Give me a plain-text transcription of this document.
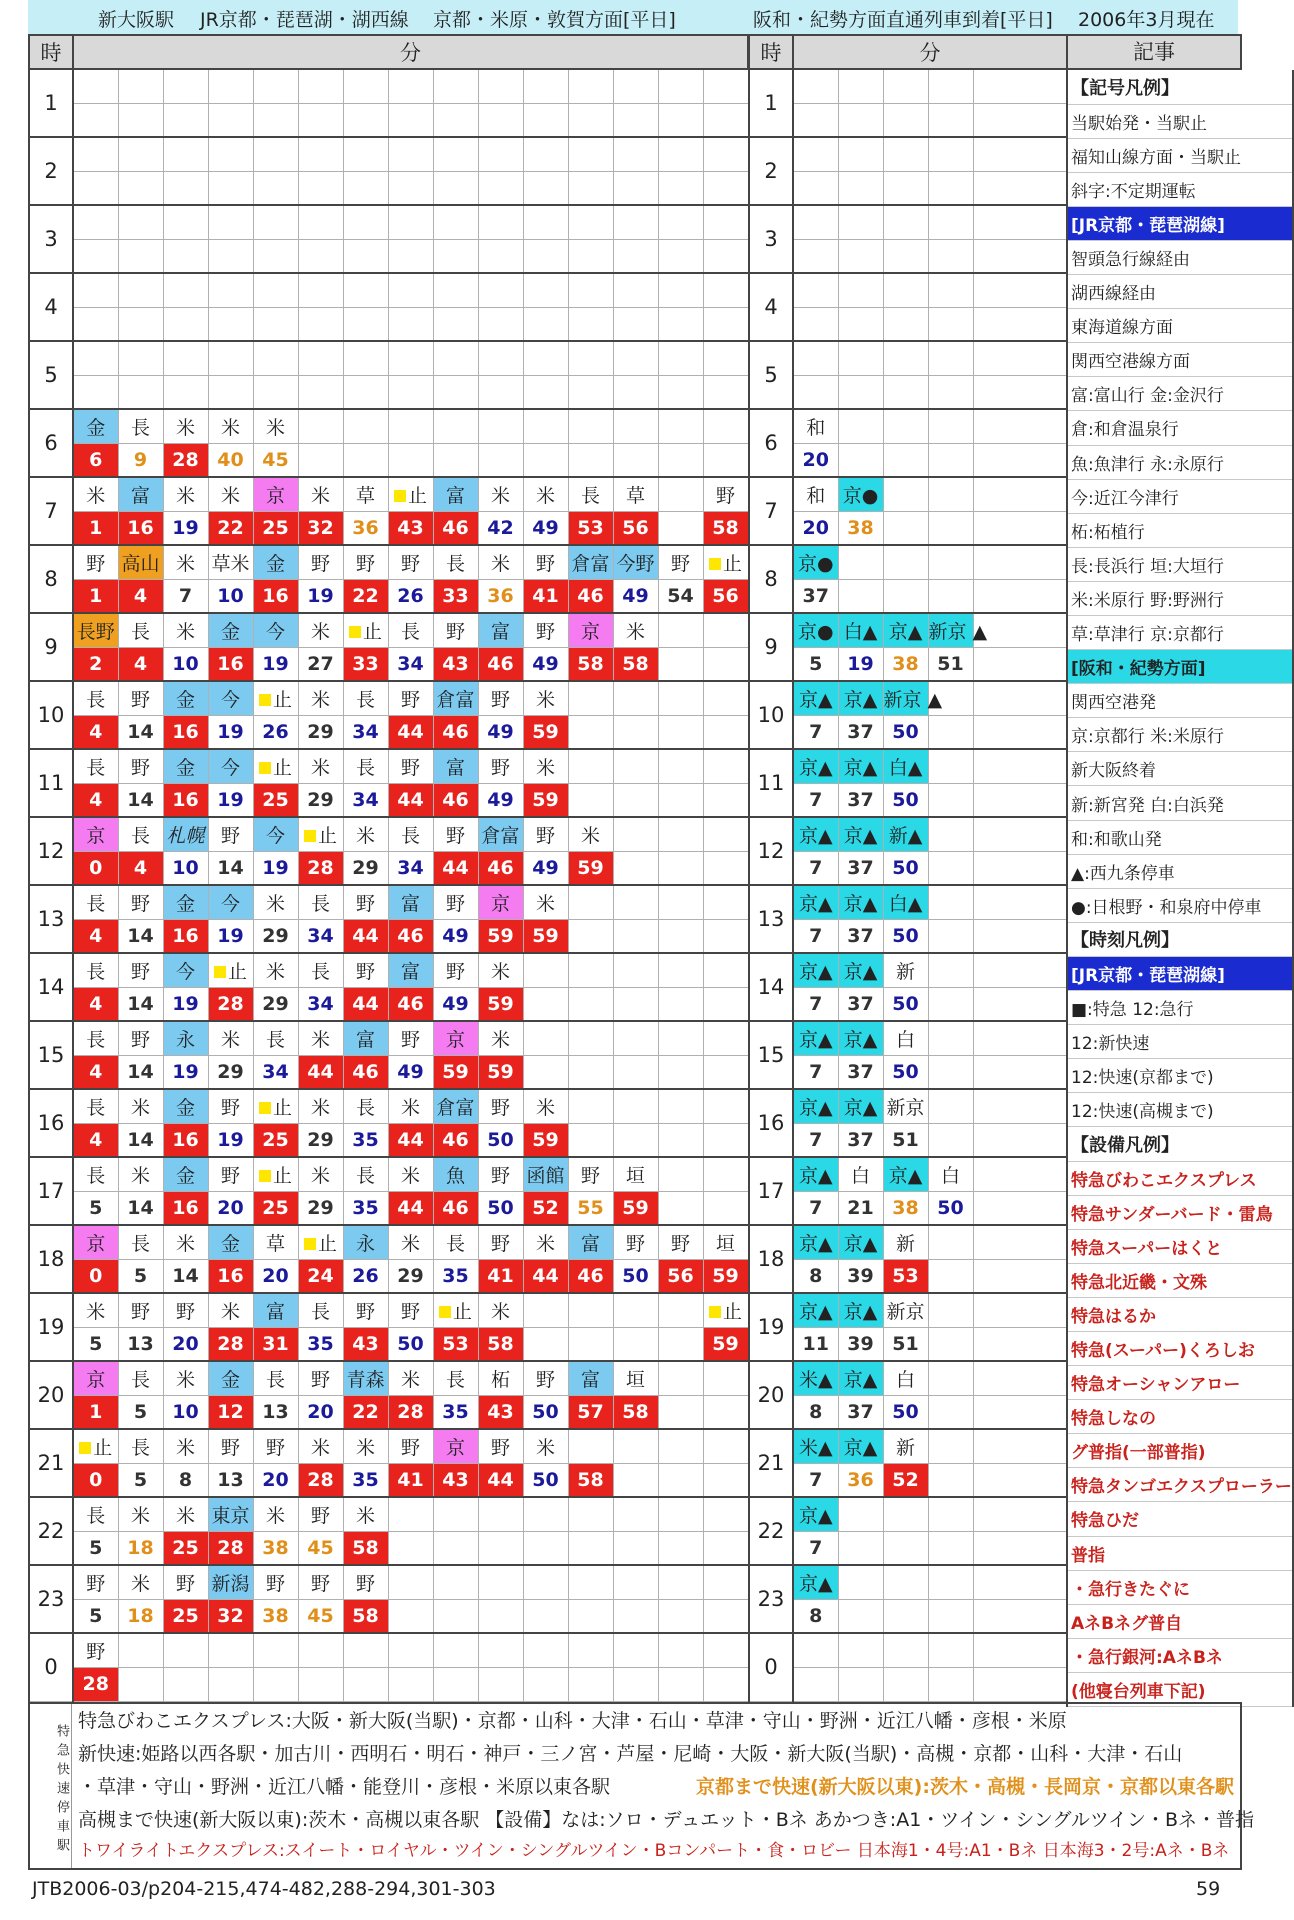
新大阪駅 JR京都・琵琶湖・湖西線 京都・米原・敦賀方面[平日]	阪和・紀勢方面直通列車到着[平日] 2006年3月現在
時	分														
1															

2															

3															

4															

5															

6	金	長	米	米	米										
	6	9	28	40	45										
7	米	富	米	米	京	米	草	止	富	米	米	長	草		野
	1	16	19	22	25	32	36	43	46	42	49	53	56		58
8	野	高山	米	草米	金	野	野	野	長	米	野	倉富	今野	野	止
	1	4	7	10	16	19	22	26	33	36	41	46	49	54	56
9	長野	長	米	金	今	米	止	長	野	富	野	京	米		
	2	4	10	16	19	27	33	34	43	46	49	58	58		
10	長	野	金	今	止	米	長	野	倉富	野	米				
	4	14	16	19	26	29	34	44	46	49	59				
11	長	野	金	今	止	米	長	野	富	野	米				
	4	14	16	19	25	29	34	44	46	49	59				
12	京	長	札幌	野	今	止	米	長	野	倉富	野	米			
	0	4	10	14	19	28	29	34	44	46	49	59			
13	長	野	金	今	米	長	野	富	野	京	米				
	4	14	16	19	29	34	44	46	49	59	59				
14	長	野	今	止	米	長	野	富	野	米					
	4	14	19	28	29	34	44	46	49	59					
15	長	野	永	米	長	米	富	野	京	米					
	4	14	19	29	34	44	46	49	59	59					
16	長	米	金	野	止	米	長	米	倉富	野	米				
	4	14	16	19	25	29	35	44	46	50	59				
17	長	米	金	野	止	米	長	米	魚	野	函館	野	垣		
	5	14	16	20	25	29	35	44	46	50	52	55	59		
18	京	長	米	金	草	止	永	米	長	野	米	富	野	野	垣
	0	5	14	16	20	24	26	29	35	41	44	46	50	56	59
19	米	野	野	米	富	長	野	野	止	米					止
	5	13	20	28	31	35	43	50	53	58					59
20	京	長	米	金	長	野	青森	米	長	柘	野	富	垣		
	1	5	10	12	13	20	22	28	35	43	50	57	58		
21	止	長	米	野	野	米	米	野	京	野	米				
	0	5	8	13	20	28	35	41	43	44	50	58			
22	長	米	米	東京	米	野	米								
	5	18	25	28	38	45	58								
23	野	米	野	新潟	野	野	野								
	5	18	25	32	38	45	58								
0	野														
	28														
時	分				
1					

2					

3					

4					

5					

6	和				
	20				
7	和	京●			
	20	38			
8	京●				
	37				
9	京●	白▲	京▲	新京 ▲	
	5	19	38	51	
10	京▲	京▲	新京 ▲		
	7	37	50		
11	京▲	京▲	白▲		
	7	37	50		
12	京▲	京▲	新▲		
	7	37	50		
13	京▲	京▲	白▲		
	7	37	50		
14	京▲	京▲	新		
	7	37	50		
15	京▲	京▲	白		
	7	37	50		
16	京▲	京▲	新京		
	7	37	51		
17	京▲	白	京▲	白	
	7	21	38	50	
18	京▲	京▲	新		
	8	39	53		
19	京▲	京▲	新京		
	11	39	51		
20	米▲	京▲	白		
	8	37	50		
21	米▲	京▲	新		
	7	36	52		
22	京▲				
	7				
23	京▲				
	8				
0					

記事
【記号凡例】
当駅始発・当駅止
福知山線方面・当駅止
斜字:不定期運転
[JR京都・琵琶湖線]
智頭急行線経由
湖西線経由
東海道線方面
関西空港線方面
富:富山行 金:金沢行
倉:和倉温泉行
魚:魚津行 永:永原行
今:近江今津行
柘:柘植行
長:長浜行 垣:大垣行
米:米原行 野:野洲行
草:草津行 京:京都行
[阪和・紀勢方面]
関西空港発
京:京都行 米:米原行
新大阪終着
新:新宮発 白:白浜発
和:和歌山発
▲:西九条停車
●:日根野・和泉府中停車
【時刻凡例】
[JR京都・琵琶湖線]
■:特急 12:急行
12:新快速
12:快速(京都まで)
12:快速(高槻まで)
【設備凡例】
特急びわこエクスプレス
特急サンダーバード・雷鳥
特急スーパーはくと
特急北近畿・文殊
特急はるか
特急(スーパー)くろしお
特急オーシャンアロー
特急しなの
グ普指(一部普指)
特急タンゴエクスプローラー
特急ひだ
普指
・急行きたぐに
AネBネグ普自
・急行銀河:AネBネ
(他寝台列車下記)
特急快速停車駅
特急びわこエクスプレス:大阪・新大阪(当駅)・京都・山科・大津・石山・草津・守山・野洲・近江八幡・彦根・米原
新快速:姫路以西各駅・加古川・西明石・明石・神戸・三ノ宮・芦屋・尼崎・大阪・新大阪(当駅)・高槻・京都・山科・大津・石山
・草津・守山・野洲・近江八幡・能登川・彦根・米原以東各駅	京都まで快速(新大阪以東):茨木・高槻・長岡京・京都以東各駅
高槻まで快速(新大阪以東):茨木・高槻以東各駅 【設備】なは:ソロ・デュエット・Bネ あかつき:A1・ツイン・シングルツイン・Bネ・普指
トワイライトエクスプレス:スイート・ロイヤル・ツイン・シングルツイン・Bコンパート・食・ロビー 日本海1・4号:A1・Bネ 日本海3・2号:Aネ・Bネ
JTB2006-03/p204-215,474-482,288-294,301-303	59
